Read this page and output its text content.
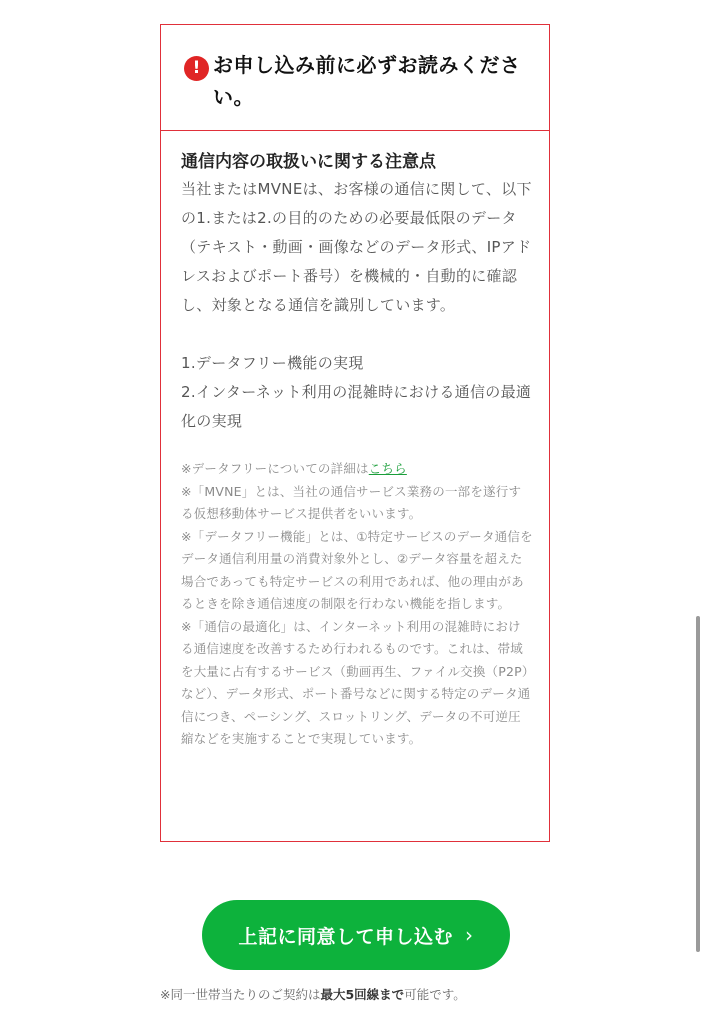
! お申し込み前に必ずお読みください。

通信内容の取扱いに関する注意点

当社またはMVNEは、お客様の通信に関して、以下の1.または2.の目的のための必要最低限のデータ（テキスト・動画・画像などのデータ形式、IPアドレスおよびポート番号）を機械的・自動的に確認し、対象となる通信を識別しています。

1.データフリー機能の実現
2.インターネット利用の混雑時における通信の最適化の実現

※データフリーについての詳細はこちら

※「MVNE」とは、当社の通信サービス業務の一部を遂行する仮想移動体サービス提供者をいいます。

※「データフリー機能」とは、①特定サービスのデータ通信をデータ通信利用量の消費対象外とし、②データ容量を超えた場合であっても特定サービスの利用であれば、他の理由があるときを除き通信速度の制限を行わない機能を指します。

※「通信の最適化」は、インターネット利用の混雑時における通信速度を改善するため行われるものです。これは、帯域を大量に占有するサービス（動画再生、ファイル交換（P2P）など）、データ形式、ポート番号などに関する特定のデータ通信につき、ペーシング、スロットリング、データの不可逆圧縮などを実施することで実現しています。

上記に同意して申し込む ›
※同一世帯当たりのご契約は最大5回線まで可能です。
